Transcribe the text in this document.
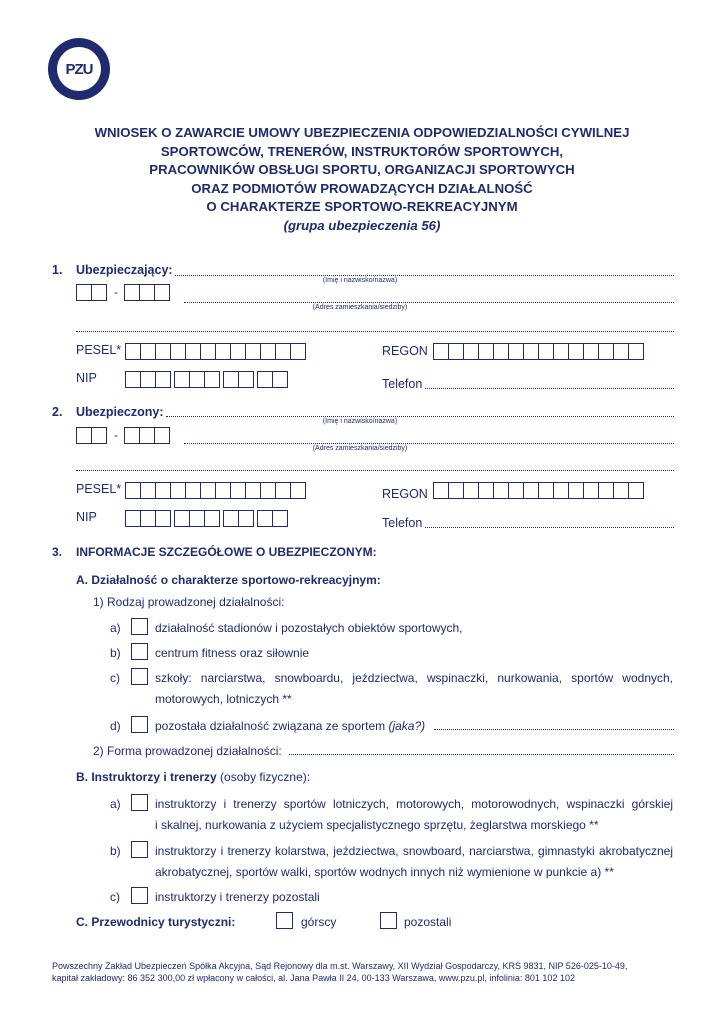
PZU
WNIOSEK O ZAWARCIE UMOWY UBEZPIECZENIA ODPOWIEDZIALNOŚCI CYWILNEJ
SPORTOWCÓW, TRENERÓW, INSTRUKTORÓW SPORTOWYCH,
PRACOWNIKÓW OBSŁUGI SPORTU, ORGANIZACJI SPORTOWYCH
ORAZ PODMIOTÓW PROWADZĄCYCH DZIAŁALNOŚĆ
O CHARAKTERZE SPORTOWO-REKREACYJNYM
(grupa ubezpieczenia 56)
1. Ubezpieczający:
(Imię i nazwisko/nazwa)
-
(Adres zamieszkania/siedziby)
PESEL*	REGON
NIP	Telefon
2. Ubezpieczony:
(Imię i nazwisko/nazwa)
-
(Adres zamieszkania/siedziby)
PESEL*	REGON
NIP	Telefon
3. INFORMACJE SZCZEGÓŁOWE O UBEZPIECZONYM:
A. Działalność o charakterze sportowo-rekreacyjnym:
1) Rodzaj prowadzonej działalności:
a)	działalność stadionów i pozostałych obiektów sportowych,
b)	centrum fitness oraz siłownie
c)	szkoły: narciarstwa, snowboardu, jeździectwa, wspinaczki, nurkowania, sportów wodnych,
motorowych, lotniczych **
d)	pozostała działalność związana ze sportem (jaka?)
2) Forma prowadzonej działalności:
B. Instruktorzy i trenerzy (osoby fizyczne):
a)	instruktorzy i trenerzy sportów lotniczych, motorowych, motorowodnych, wspinaczki górskiej
i skalnej, nurkowania z użyciem specjalistycznego sprzętu, żeglarstwa morskiego **
b)	instruktorzy i trenerzy kolarstwa, jeździectwa, snowboard, narciarstwa, gimnastyki akrobatycznej
akrobatycznej, sportów walki, sportów wodnych innych niż wymienione w punkcie a) **
c)	instruktorzy i trenerzy pozostali
C. Przewodnicy turystyczni:	górscy	pozostali
Powszechny Zakład Ubezpieczeń Spółka Akcyjna, Sąd Rejonowy dla m.st. Warszawy, XII Wydział Gospodarczy, KRS 9831, NIP 526-025-10-49,
kapitał zakładowy: 86 352 300,00 zł wpłacony w całości, al. Jana Pawła II 24, 00-133 Warszawa, www.pzu.pl, infolinia: 801 102 102
